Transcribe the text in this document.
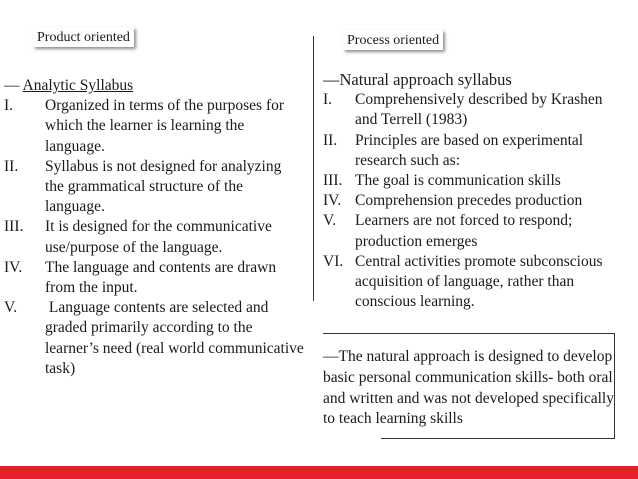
Product oriented	Process oriented
— Analytic Syllabus
I.	Organized in terms of the purposes for which the learner is learning the language.
II.	Syllabus is not designed for analyzing the grammatical structure of the language.
III.	It is designed for the communicative use/purpose of the language.
IV.	The language and contents are drawn from the input.
V.	Language contents are selected and graded primarily according to the learner’s need (real world communicative task)
—Natural approach syllabus
I.	Comprehensively described by Krashen and Terrell (1983)
II.	Principles are based on experimental research such as:
III. The goal is communication skills
IV. Comprehension precedes production
V.	Learners are not forced to respond; production emerges
VI. Central activities promote subconscious acquisition of language, rather than conscious learning.
—The natural approach is designed to develop basic personal communication skills- both oral and written and was not developed specifically to teach learning skills
